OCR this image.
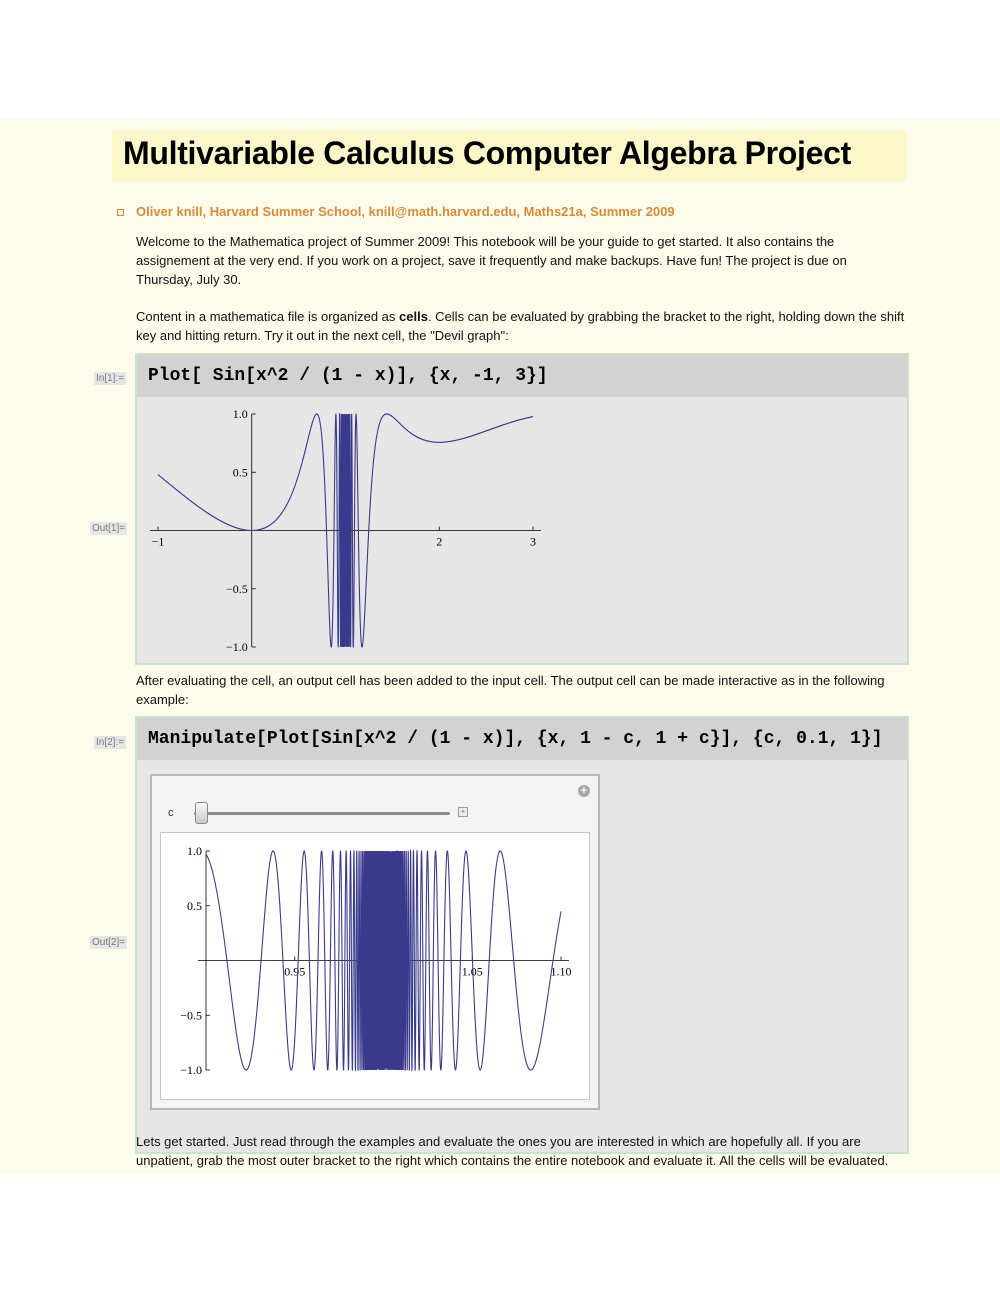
Multivariable Calculus Computer Algebra Project
Oliver knill, Harvard Summer School, knill@math.harvard.edu, Maths21a, Summer 2009
Welcome to the Mathematica project of Summer 2009! This notebook will be your guide to get started. It also contains the assignement at the very end. If you work on a project, save it frequently and make backups. Have fun! The project is due on Thursday, July 30.
Content in a mathematica file is organized as cells. Cells can be evaluated by grabbing the bracket to the right, holding down the shift key and hitting return. Try it out in the next cell, the "Devil graph":
In[1]:=
Out[1]=
Plot[ Sin[x^2 / (1 - x)], {x, -1, 3}]
−1	1	2	3
1.0
0.5
−0.5
−1.0
After evaluating the cell, an output cell has been added to the input cell. The output cell can be made interactive as in the following example:
In[2]:=
Out[2]=
Manipulate[Plot[Sin[x^2 / (1 - x)], {x, 1 - c, 1 + c}], {c, 0.1, 1}]
+
c	+
0.95	1.00	1.05	1.10
1.0
0.5
−0.5
−1.0
Lets get started. Just read through the examples and evaluate the ones you are interested in which are hopefully all. If you are unpatient, grab the most outer bracket to the right which contains the entire notebook and evaluate it. All the cells will be evaluated.
